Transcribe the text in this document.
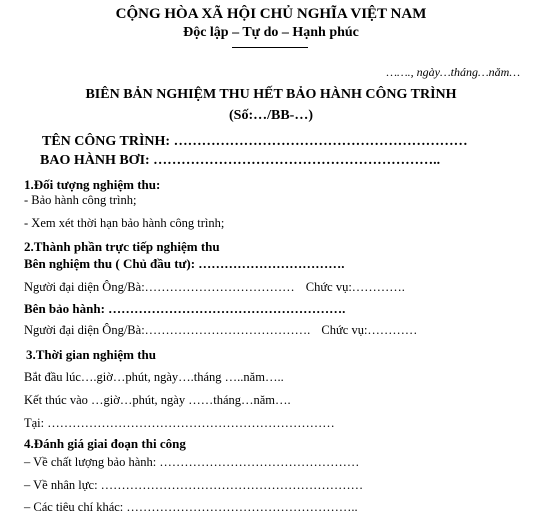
CỘNG HÒA XÃ HỘI CHỦ NGHĨA VIỆT NAM
Độc lập – Tự do – Hạnh phúc
……., ngày…tháng…năm…
BIÊN BẢN NGHIỆM THU HẾT BẢO HÀNH CÔNG TRÌNH
(Số:…/BB-…)
TÊN CÔNG TRÌNH: ………………………………………………………
BAO HÀNH BƠI: ……………………………………………………..
1.Đối tượng nghiệm thu:
- Bảo hành công trình;
- Xem xét thời hạn bảo hành công trình;
2.Thành phần trực tiếp nghiệm thu
Bên nghiệm thu ( Chủ đầu tư): …………………………….
Người đại diện Ông/Bà:……………………………… Chức vụ:………….
Bên bảo hành: ……………………………………………….
Người đại diện Ông/Bà:…………………………………. Chức vụ:…………
3.Thời gian nghiệm thu
Bắt đầu lúc….giờ…phút, ngày….tháng …..năm…..
Kết thúc vào …giờ…phút, ngày ……tháng…năm….
Tại: ……………………………………………………………
4.Đánh giá giai đoạn thi công
– Về chất lượng bảo hành: …………………………………………
– Về nhân lực: ………………………………………………………
– Các tiêu chí khác: ………………………………………………..
